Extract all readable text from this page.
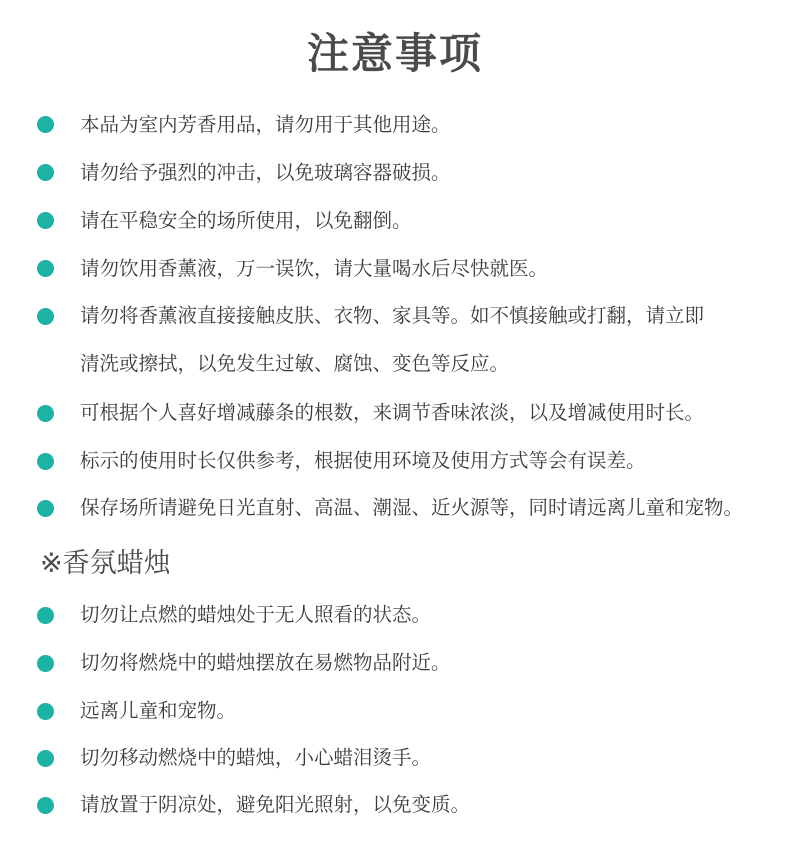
注意事项
本品为室内芳香用品，请勿用于其他用途。
请勿给予强烈的冲击，以免玻璃容器破损。
请在平稳安全的场所使用，以免翻倒。
请勿饮用香薰液，万一误饮，请大量喝水后尽快就医。
请勿将香薰液直接接触皮肤、衣物、家具等。如不慎接触或打翻，请立即
清洗或擦拭，以免发生过敏、腐蚀、变色等反应。
可根据个人喜好增减藤条的根数，来调节香味浓淡，以及增减使用时长。
标示的使用时长仅供参考，根据使用环境及使用方式等会有误差。
保存场所请避免日光直射、高温、潮湿、近火源等，同时请远离儿童和宠物。
※香氛蜡烛
切勿让点燃的蜡烛处于无人照看的状态。
切勿将燃烧中的蜡烛摆放在易燃物品附近。
远离儿童和宠物。
切勿移动燃烧中的蜡烛，小心蜡泪烫手。
请放置于阴凉处，避免阳光照射，以免变质。
